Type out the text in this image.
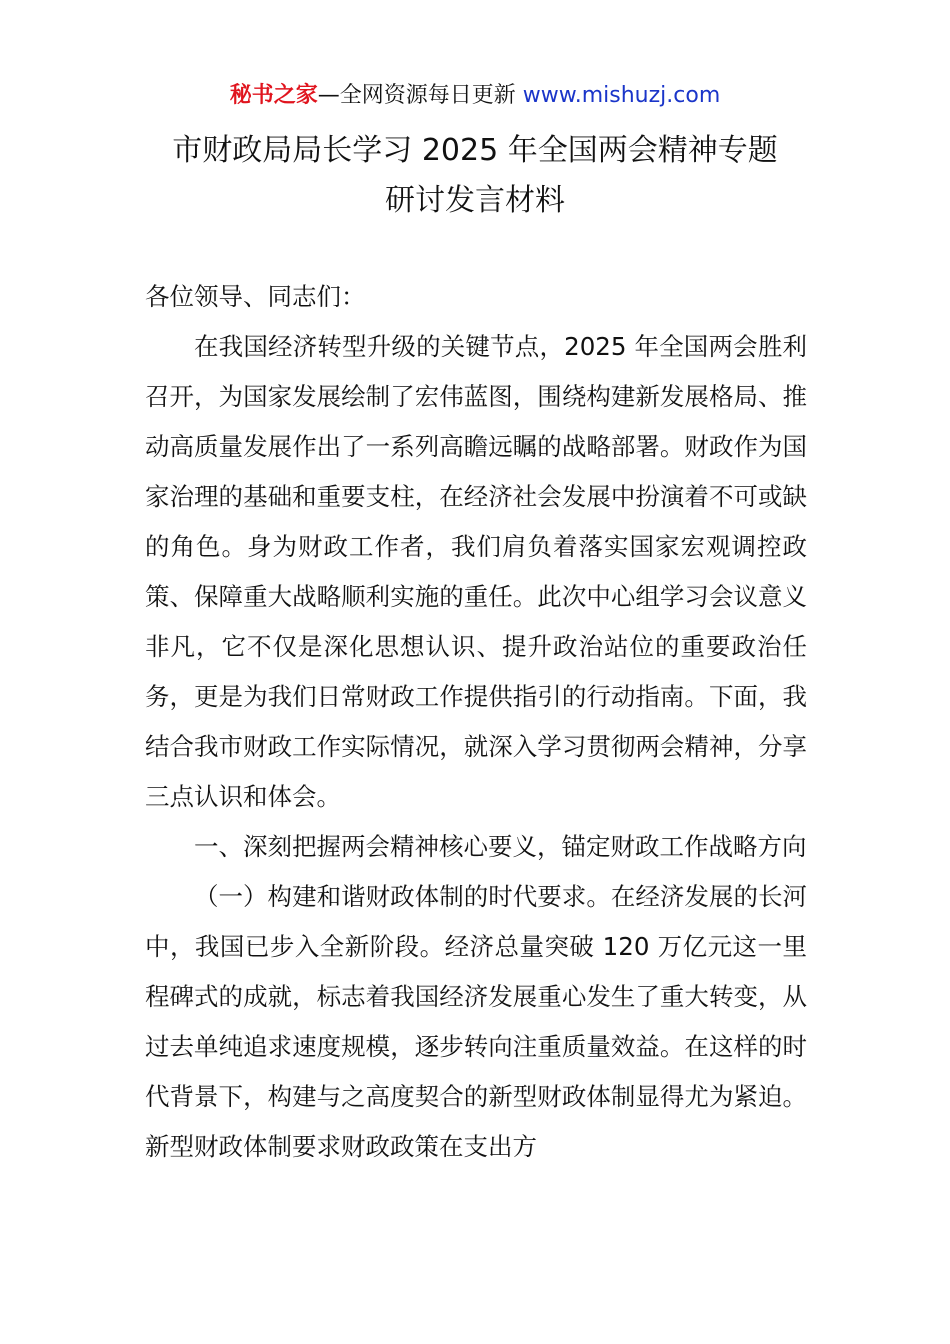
秘书之家—全网资源每日更新 www.mishuzj.com
市财政局局长学习 2025 年全国两会精神专题
研讨发言材料

各位领导、同志们：

在我国经济转型升级的关键节点，2025 年全国两会胜利召开，为国家发展绘制了宏伟蓝图，围绕构建新发展格局、推动高质量发展作出了一系列高瞻远瞩的战略部署。财政作为国家治理的基础和重要支柱，在经济社会发展中扮演着不可或缺的角色。身为财政工作者，我们肩负着落实国家宏观调控政策、保障重大战略顺利实施的重任。此次中心组学习会议意义非凡，它不仅是深化思想认识、提升政治站位的重要政治任务，更是为我们日常财政工作提供指引的行动指南。下面，我结合我市财政工作实际情况，就深入学习贯彻两会精神，分享三点认识和体会。

一、深刻把握两会精神核心要义，锚定财政工作战略方向

（一）构建和谐财政体制的时代要求。在经济发展的长河中，我国已步入全新阶段。经济总量突破 120 万亿元这一里程碑式的成就，标志着我国经济发展重心发生了重大转变，从过去单纯追求速度规模，逐步转向注重质量效益。在这样的时代背景下，构建与之高度契合的新型财政体制显得尤为紧迫。新型财政体制要求财政政策在支出方
